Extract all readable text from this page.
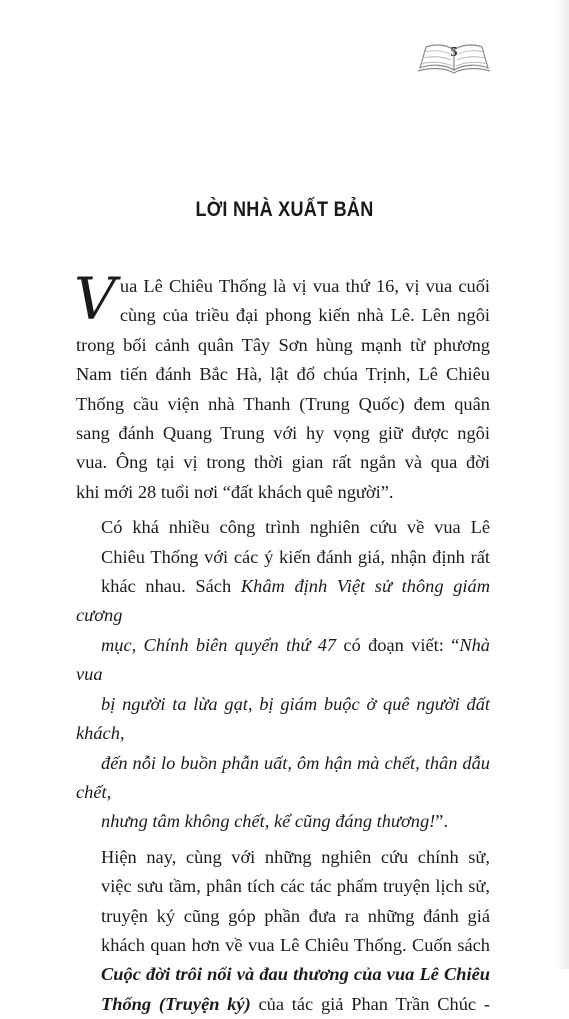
5
LỜI NHÀ XUẤT BẢN

V ua Lê Chiêu Thống là vị vua thứ 16, vị vua cuối
cùng của triều đại phong kiến nhà Lê. Lên ngôi
trong bối cảnh quân Tây Sơn hùng mạnh từ phương
Nam tiến đánh Bắc Hà, lật đổ chúa Trịnh, Lê Chiêu
Thống cầu viện nhà Thanh (Trung Quốc) đem quân
sang đánh Quang Trung với hy vọng giữ được ngôi
vua. Ông tại vị trong thời gian rất ngắn và qua đời
khi mới 28 tuổi nơi “đất khách quê người”.

Có khá nhiều công trình nghiên cứu về vua Lê
Chiêu Thống với các ý kiến đánh giá, nhận định rất
khác nhau. Sách Khâm định Việt sử thông giám cương
mục, Chính biên quyển thứ 47 có đoạn viết: “Nhà vua
bị người ta lừa gạt, bị giám buộc ở quê người đất khách,
đến nỗi lo buồn phẫn uất, ôm hận mà chết, thân dẫu chết,
nhưng tâm không chết, kể cũng đáng thương!”.

Hiện nay, cùng với những nghiên cứu chính sử,
việc sưu tầm, phân tích các tác phẩm truyện lịch sử,
truyện ký cũng góp phần đưa ra những đánh giá
khách quan hơn về vua Lê Chiêu Thống. Cuốn sách
Cuộc đời trôi nổi và đau thương của vua Lê Chiêu
Thống (Truyện ký) của tác giả Phan Trần Chúc -
